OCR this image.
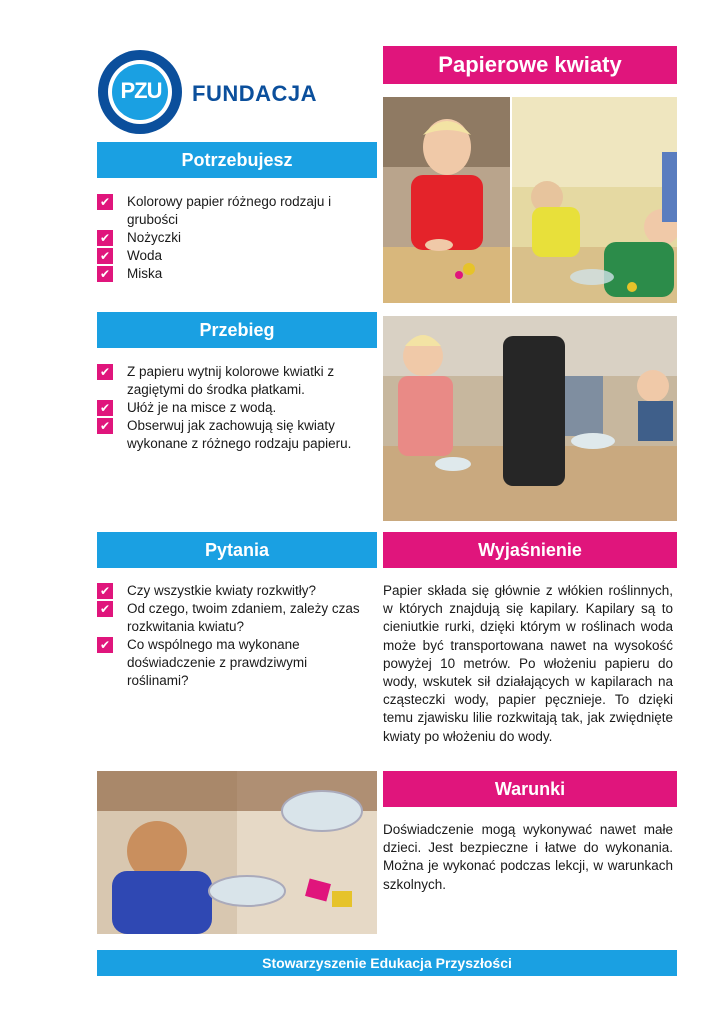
PZU	FUNDACJA
Papierowe kwiaty
Potrzebujesz
✔ Kolorowy papier różnego rodzaju i grubości
✔ Nożyczki
✔ Woda
✔ Miska
Przebieg
✔ Z papieru wytnij kolorowe kwiatki z zagiętymi do środka płatkami.
✔ Ułóż je na misce z wodą.
✔ Obserwuj jak zachowują się kwiaty wykonane z różnego rodzaju papieru.
Pytania
✔ Czy wszystkie kwiaty rozkwitły?
✔ Od czego, twoim zdaniem, zależy czas rozkwitania kwiatu?
✔ Co wspólnego ma wykonane doświadczenie z prawdziwymi roślinami?
Wyjaśnienie
Papier składa się głównie z włókien roślinnych, w których znajdują się kapilary. Kapilary są to cieniutkie rurki, dzięki którym w roślinach woda może być transportowana nawet na wysokość powyżej 10 metrów. Po włożeniu papieru do wody, wskutek sił działających w kapilarach na cząsteczki wody, papier pęcznieje. To dzięki temu zjawisku lilie rozkwitają tak, jak zwiędnięte kwiaty po włożeniu do wody.
Warunki
Doświadczenie mogą wykonywać nawet małe dzieci. Jest bezpieczne i łatwe do wykonania. Można je wykonać podczas lekcji, w warunkach szkolnych.
Stowarzyszenie Edukacja Przyszłości
